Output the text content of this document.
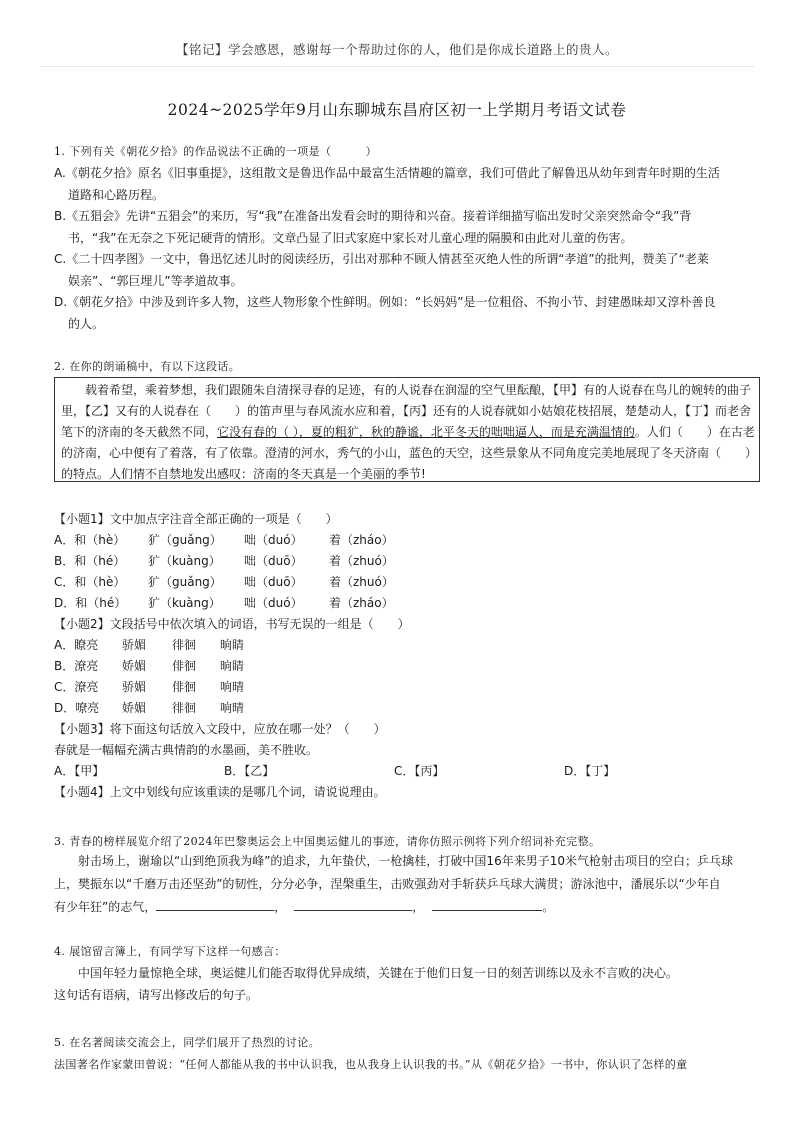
【铭记】学会感恩，感谢每一个帮助过你的人，他们是你成长道路上的贵人。
2024~2025学年9月山东聊城东昌府区初一上学期月考语文试卷
1. 下列有关《朝花夕拾》的作品说法不正确的一项是（　　　）
A.《朝花夕拾》原名《旧事重提》，这组散文是鲁迅作品中最富生活情趣的篇章，我们可借此了解鲁迅从幼年到青年时期的生活
道路和心路历程。
B.《五猖会》先讲“五猖会”的来历，写“我”在准备出发看会时的期待和兴奋。接着详细描写临出发时父亲突然命令“我”背
书，“我”在无奈之下死记硬背的情形。文章凸显了旧式家庭中家长对儿童心理的隔膜和由此对儿童的伤害。
C.《二十四孝图》一文中，鲁迅忆述儿时的阅读经历，引出对那种不顾人情甚至灭绝人性的所谓“孝道”的批判，赞美了“老莱
娱亲”、“郭巨埋儿”等孝道故事。
D.《朝花夕拾》中涉及到许多人物，这些人物形象个性鲜明。例如：“长妈妈”是一位粗俗、不拘小节、封建愚昧却又淳朴善良
的人。
2. 在你的朗诵稿中，有以下这段话。
载着希望，乘着梦想，我们跟随朱自清探寻春的足迹，有的人说春在润湿的空气里酝酿，【甲】有的人说春在鸟儿的婉转的曲子里，【乙】又有的人说春在（　　）的笛声里与春风流水应和着，【丙】还有的人说春就如小姑娘花枝招展，楚楚动人，【丁】而老舍笔下的济南的冬天截然不同，它没有春的（ ），夏的粗犷，秋的静谧，北平冬天的咄咄逼人，而是充满温情的。人们（　　）在古老的济南，心中便有了着落，有了依靠。澄清的河水，秀气的小山，蓝色的天空，这些景象从不同角度完美地展现了冬天济南（　　）的特点。人们情不自禁地发出感叹：济南的冬天真是一个美丽的季节!
【小题1】文中加点字注音全部正确的一项是（　　）
A．和（hè） 犷（guǎng） 咄（duó） 着（zháo）
B．和（hé） 犷（kuàng） 咄（duō） 着（zhuó）
C．和（hè） 犷（guǎng） 咄（duō） 着（zhuó）
D．和（hé） 犷（kuàng） 咄（duó） 着（zháo）
【小题2】文段括号中依次填入的词语，书写无误的一组是（　　）
A．瞭亮 骄媚 徘徊 晌睛
B．潦亮 娇媚 俳徊 晌睛
C．潦亮 骄媚 俳徊 响晴
D．嘹亮 娇媚 徘徊 响晴
【小题3】将下面这句话放入文段中，应放在哪一处？（　　）
春就是一幅幅充满古典情韵的水墨画，美不胜收。
A．【甲】	B．【乙】	C．【丙】	D．【丁】
【小题4】上文中划线句应该重读的是哪几个词，请说说理由。
3. 青春的榜样展览介绍了2024年巴黎奥运会上中国奥运健儿的事迹，请你仿照示例将下列介绍词补充完整。
射击场上，谢瑜以“山到绝顶我为峰”的追求，九年蛰伏，一枪擒桂，打破中国16年来男子10米气枪射击项目的空白；乒乓球
上，樊振东以“千磨万击还坚劲”的韧性，分分必争，涅槃重生，击败强劲对手斩获乒乓球大满贯；游泳池中，潘展乐以“少年自
有少年狂”的志气，	，	，	。
4. 展馆留言簿上，有同学写下这样一句感言：
中国年轻力量惊艳全球，奥运健儿们能否取得优异成绩，关键在于他们日复一日的刻苦训练以及永不言败的决心。
这句话有语病，请写出修改后的句子。
5. 在名著阅读交流会上，同学们展开了热烈的讨论。
法国著名作家蒙田曾说：“任何人都能从我的书中认识我，也从我身上认识我的书。”从《朝花夕拾》一书中，你认识了怎样的童
